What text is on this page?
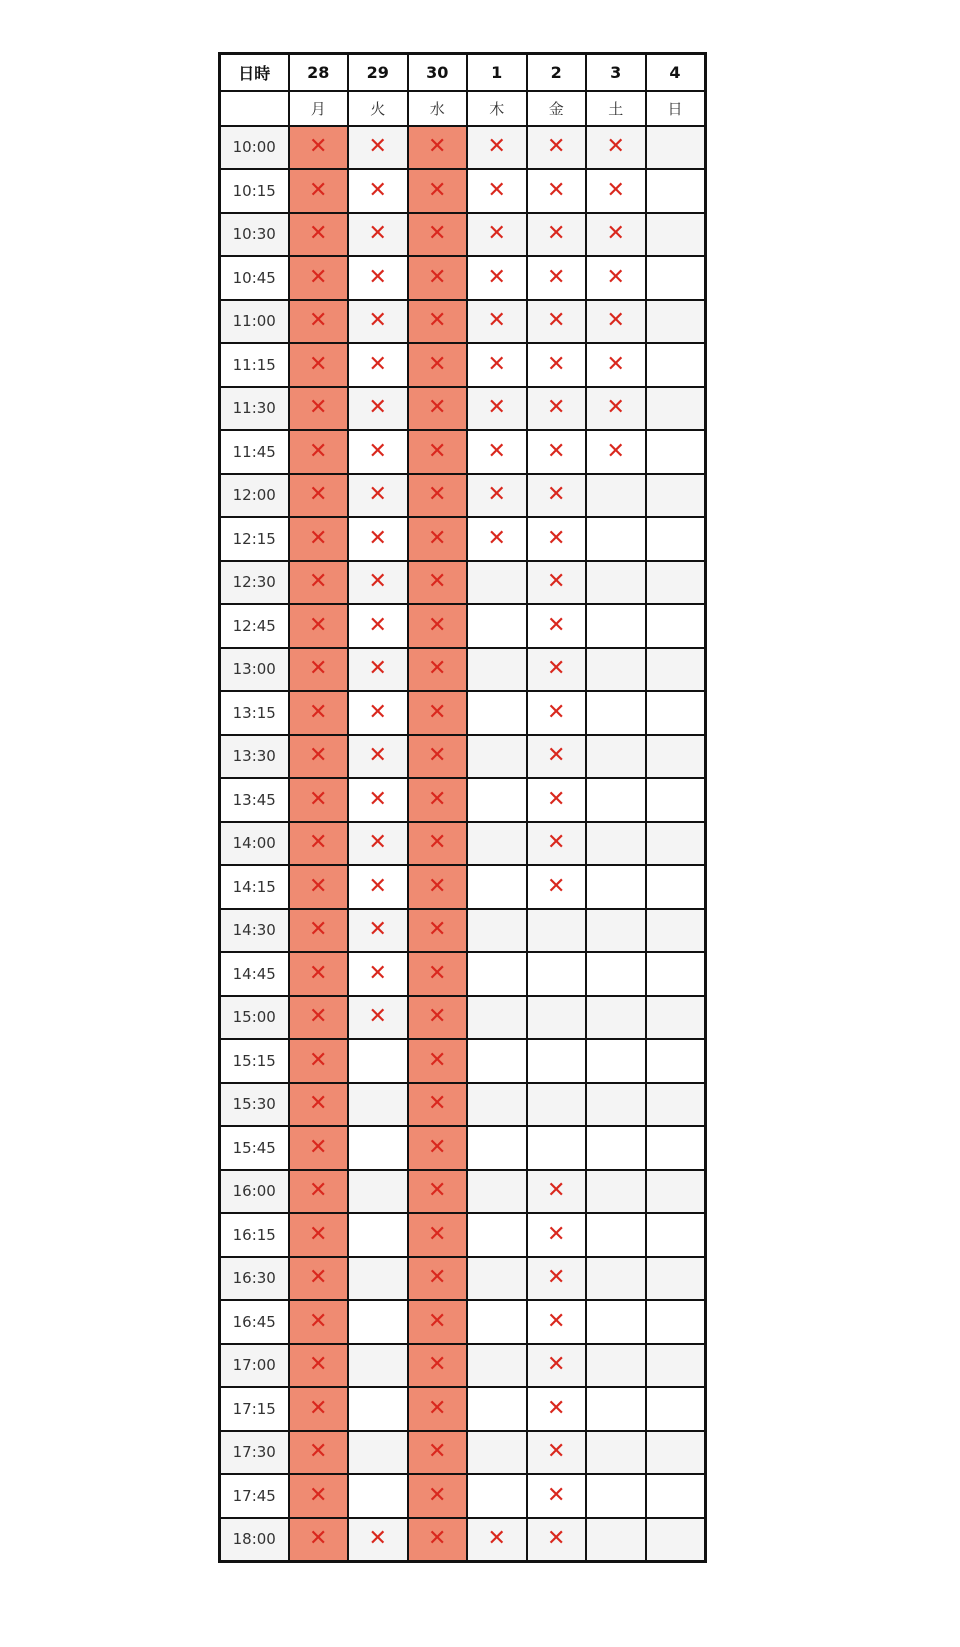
日時	28	29	30	1	2	3	4
	月	火	水	木	金	土	日
10:00	✕	✕	✕	✕	✕	✕	
10:15	✕	✕	✕	✕	✕	✕	
10:30	✕	✕	✕	✕	✕	✕	
10:45	✕	✕	✕	✕	✕	✕	
11:00	✕	✕	✕	✕	✕	✕	
11:15	✕	✕	✕	✕	✕	✕	
11:30	✕	✕	✕	✕	✕	✕	
11:45	✕	✕	✕	✕	✕	✕	
12:00	✕	✕	✕	✕	✕		
12:15	✕	✕	✕	✕	✕		
12:30	✕	✕	✕		✕		
12:45	✕	✕	✕		✕		
13:00	✕	✕	✕		✕		
13:15	✕	✕	✕		✕		
13:30	✕	✕	✕		✕		
13:45	✕	✕	✕		✕		
14:00	✕	✕	✕		✕		
14:15	✕	✕	✕		✕		
14:30	✕	✕	✕				
14:45	✕	✕	✕				
15:00	✕	✕	✕				
15:15	✕		✕				
15:30	✕		✕				
15:45	✕		✕				
16:00	✕		✕		✕		
16:15	✕		✕		✕		
16:30	✕		✕		✕		
16:45	✕		✕		✕		
17:00	✕		✕		✕		
17:15	✕		✕		✕		
17:30	✕		✕		✕		
17:45	✕		✕		✕		
18:00	✕	✕	✕	✕	✕		
